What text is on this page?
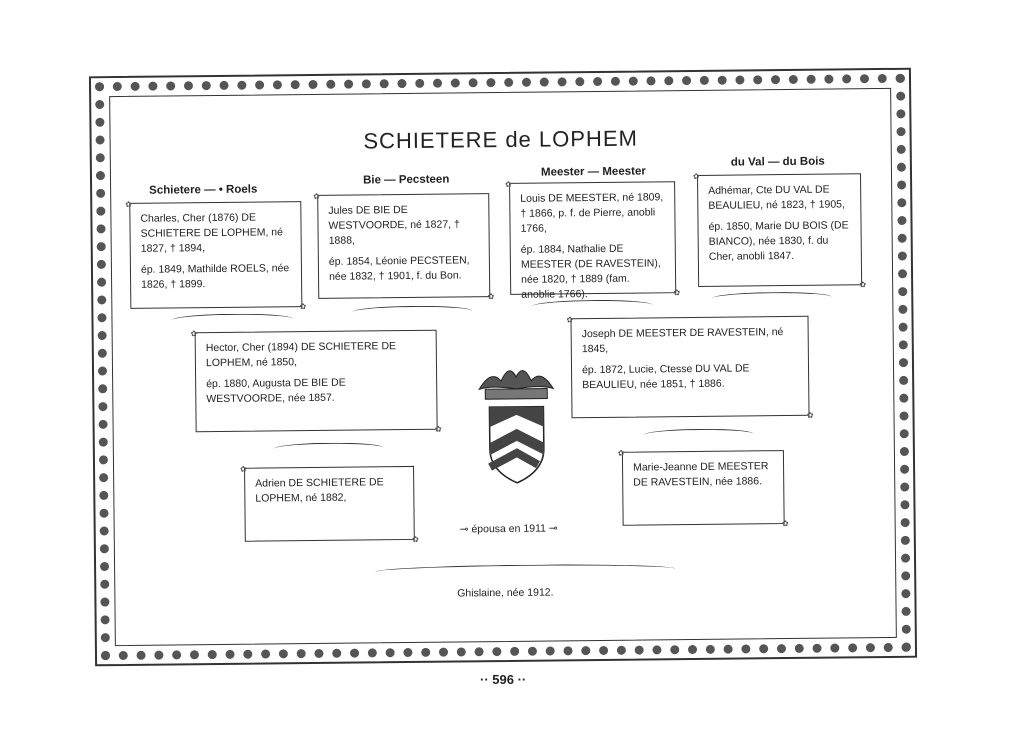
SCHIETERE de LOPHEM
Schietere — • Roels
Bie — Pecsteen
Meester — Meester
du Val — du Bois

✿ Charles, Cher (1876) DE SCHIETERE DE LOPHEM, né 1827, † 1894,

ép. 1849, Mathilde ROELS, née 1826, † 1899.

✿

✿ Jules DE BIE DE WESTVOORDE, né 1827, † 1888,

ép. 1854, Léonie PECSTEEN, née 1832, † 1901, f. du Bon.

✿

✿ Louis DE MEESTER, né 1809, † 1866, p. f. de Pierre, anobli 1766,

ép. 1884, Nathalie DE MEESTER (DE RAVESTEIN), née 1820, † 1889 (fam. anoblie 1766).

✿

✿ Adhémar, Cte DU VAL DE BEAULIEU, né 1823, † 1905,

ép. 1850, Marie DU BOIS (DE BIANCO), née 1830, f. du Cher, anobli 1847.

✿

✿ Hector, Cher (1894) DE SCHIETERE DE LOPHEM, né 1850,

ép. 1880, Augusta DE BIE DE WESTVOORDE, née 1857.

✿

✿ Joseph DE MEESTER DE RAVESTEIN, né 1845,

ép. 1872, Lucie, Ctesse DU VAL DE BEAULIEU, née 1851, † 1886.

✿

✿ Adrien DE SCHIETERE DE LOPHEM, né 1882,

✿

✿ Marie-Jeanne DE MEESTER DE RAVESTEIN, née 1886.

✿
⊸ épousa en 1911 ⊸
Ghislaine, née 1912.
·· 596 ··
